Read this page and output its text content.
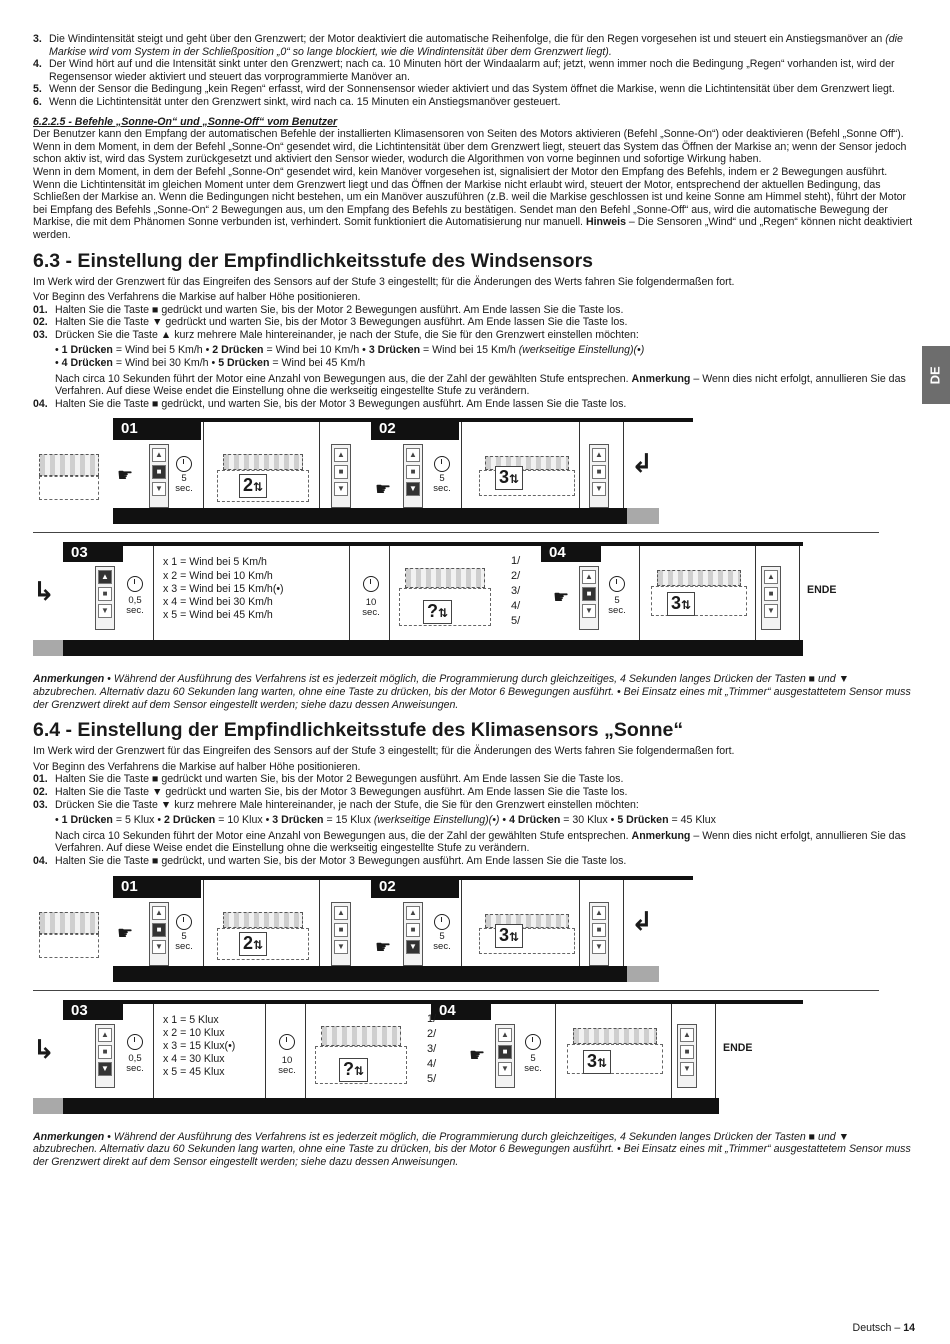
DE
3. Die Windintensität steigt und geht über den Grenzwert; der Motor deaktiviert die automatische Reihenfolge, die für den Regen vorgesehen ist und steuert ein Anstiegsmanöver an (die Markise wird vom System in der Schließposition „0“ so lange blockiert, wie die Windintensität über dem Grenzwert liegt).
4. Der Wind hört auf und die Intensität sinkt unter den Grenzwert; nach ca. 10 Minuten hört der Windaalarm auf; jetzt, wenn immer noch die Bedingung „Regen“ vorhanden ist, wird der Regensensor wieder aktiviert und steuert das vorprogrammierte Manöver an.
5. Wenn der Sensor die Bedingung „kein Regen“ erfasst, wird der Sonnensensor wieder aktiviert und das System öffnet die Markise, wenn die Lichtintensität über dem Grenzwert liegt.
6. Wenn die Lichtintensität unter den Grenzwert sinkt, wird nach ca. 15 Minuten ein Anstiegsmanöver gesteuert.

6.2.2.5 - Befehle „Sonne-On“ und „Sonne-Off“ vom Benutzer

Der Benutzer kann den Empfang der automatischen Befehle der installierten Klimasensoren von Seiten des Motors aktivieren (Befehl „Sonne-On“) oder deaktivieren (Befehl „Sonne Off“). Wenn in dem Moment, in dem der Befehl „Sonne-On“ gesendet wird, die Lichtintensität über dem Grenzwert liegt, steuert das System das Öffnen der Markise an; wenn der Sensor jedoch schon aktiv ist, wird das System zurückgesetzt und aktiviert den Sensor wieder, wodurch die Algorithmen von vorne beginnen und sofortige Wirkung haben.

Wenn in dem Moment, in dem der Befehl „Sonne-On“ gesendet wird, kein Manöver vorgesehen ist, signalisiert der Motor den Empfang des Befehls, indem er 2 Bewegungen ausführt. Wenn die Lichtintensität im gleichen Moment unter dem Grenzwert liegt und das Öffnen der Markise nicht erlaubt wird, steuert der Motor, entsprechend der aktuellen Bedingung, das Schließen der Markise an. Wenn die Bedingungen nicht bestehen, um ein Manöver auszuführen (z.B. weil die Markise geschlossen ist und keine Sonne am Himmel steht), führt der Motor bei Empfang des Befehls „Sonne-On“ 2 Bewegungen aus, um den Empfang des Befehls zu bestätigen. Sendet man den Befehl „Sonne-Off“ aus, wird die automatische Bewegung der Markise, die mit dem Phänomen Sonne verbunden ist, verhindert. Somit funktioniert die Automatisierung nur manuell. Hinweis – Die Sensoren „Wind“ und „Regen“ können nicht deaktiviert werden.

6.3 - Einstellung der Empfindlichkeitsstufe des Windsensors

Im Werk wird der Grenzwert für das Eingreifen des Sensors auf der Stufe 3 eingestellt; für die Änderungen des Werts fahren Sie folgendermaßen fort.

Vor Beginn des Verfahrens die Markise auf halber Höhe positionieren.

01. Halten Sie die Taste ■ gedrückt und warten Sie, bis der Motor 2 Bewegungen ausführt. Am Ende lassen Sie die Taste los.
02. Halten Sie die Taste ▼ gedrückt und warten Sie, bis der Motor 3 Bewegungen ausführt. Am Ende lassen Sie die Taste los.
03. Drücken Sie die Taste ▲ kurz mehrere Male hintereinander, je nach der Stufe, die Sie für den Grenzwert einstellen möchten:

• 1 Drücken = Wind bei 5 Km/h • 2 Drücken = Wind bei 10 Km/h • 3 Drücken = Wind bei 15 Km/h (werkseitige Einstellung)(•)

• 4 Drücken = Wind bei 30 Km/h • 5 Drücken = Wind bei 45 Km/h

Nach circa 10 Sekunden führt der Motor eine Anzahl von Bewegungen aus, die der Zahl der gewählten Stufe entsprechen. Anmerkung – Wenn dies nicht erfolgt, annullieren Sie das Verfahren. Auf diese Weise endet die Einstellung ohne die werkseitig eingestellte Stufe zu verändern.

04. Halten Sie die Taste ■ gedrückt, und warten Sie, bis der Motor 3 Bewegungen ausführt. Am Ende lassen Sie die Taste los.
01	02
☛
▲
■
▼
5
sec.	2⇅
▲
■
▼ ☛
▲
■
▼
5
sec.
3⇅
▲
■
▼
↲
03	04
↳	▲
■
▼
0,5
sec.
x 1 = Wind bei 5 Km/h
x 2 = Wind bei 10 Km/h
x 3 = Wind bei 15 Km/h(•)
x 4 = Wind bei 30 Km/h
x 5 = Wind bei 45 Km/h
10
sec.	?⇅
1/
2/
3/
4/
5/
☛
▲
■
▼
5
sec.	3⇅
▲
■
▼
ENDE

Anmerkungen • Während der Ausführung des Verfahrens ist es jederzeit möglich, die Programmierung durch gleichzeitiges, 4 Sekunden langes Drücken der Tasten ■ und ▼ abzubrechen. Alternativ dazu 60 Sekunden lang warten, ohne eine Taste zu drücken, bis der Motor 6 Bewegungen ausführt. • Bei Einsatz eines mit „Trimmer“ ausgestattetem Sensor muss der Grenzwert direkt auf dem Sensor eingestellt werden; siehe dazu dessen Anweisungen.

6.4 - Einstellung der Empfindlichkeitsstufe des Klimasensors „Sonne“

Im Werk wird der Grenzwert für das Eingreifen des Sensors auf der Stufe 3 eingestellt; für die Änderungen des Werts fahren Sie folgendermaßen fort.

Vor Beginn des Verfahrens die Markise auf halber Höhe positionieren.

01. Halten Sie die Taste ■ gedrückt und warten Sie, bis der Motor 2 Bewegungen ausführt. Am Ende lassen Sie die Taste los.
02. Halten Sie die Taste ▼ gedrückt und warten Sie, bis der Motor 3 Bewegungen ausführt. Am Ende lassen Sie die Taste los.
03. Drücken Sie die Taste ▼ kurz mehrere Male hintereinander, je nach der Stufe, die Sie für den Grenzwert einstellen möchten:

• 1 Drücken = 5 Klux • 2 Drücken = 10 Klux • 3 Drücken = 15 Klux (werkseitige Einstellung)(•) • 4 Drücken = 30 Klux • 5 Drücken = 45 Klux

Nach circa 10 Sekunden führt der Motor eine Anzahl von Bewegungen aus, die der Zahl der gewählten Stufe entsprechen. Anmerkung – Wenn dies nicht erfolgt, annullieren Sie das Verfahren. Auf diese Weise endet die Einstellung ohne die werkseitig eingestellte Stufe zu verändern.

04. Halten Sie die Taste ■ gedrückt, und warten Sie, bis der Motor 3 Bewegungen ausführt. Am Ende lassen Sie die Taste los.
01	02
☛
▲
■
▼
5
sec.	2⇅
▲
■
▼ ☛
▲
■
▼
5
sec.
3⇅
▲
■
▼
↲
03	04
↳	▲
■
▼
0,5
sec.
x 1 = 5 Klux
x 2 = 10 Klux
x 3 = 15 Klux(•)
x 4 = 30 Klux
x 5 = 45 Klux
10
sec.	?⇅
1/
2/
3/
4/
5/
☛
▲
■
▼
5
sec.	3⇅
▲
■
▼
ENDE

Anmerkungen • Während der Ausführung des Verfahrens ist es jederzeit möglich, die Programmierung durch gleichzeitiges, 4 Sekunden langes Drücken der Tasten ■ und ▼ abzubrechen. Alternativ dazu 60 Sekunden lang warten, ohne eine Taste zu drücken, bis der Motor 6 Bewegungen ausführt. • Bei Einsatz eines mit „Trimmer“ ausgestattetem Sensor muss der Grenzwert direkt auf dem Sensor eingestellt werden; siehe dazu dessen Anweisungen.

Deutsch – 14
